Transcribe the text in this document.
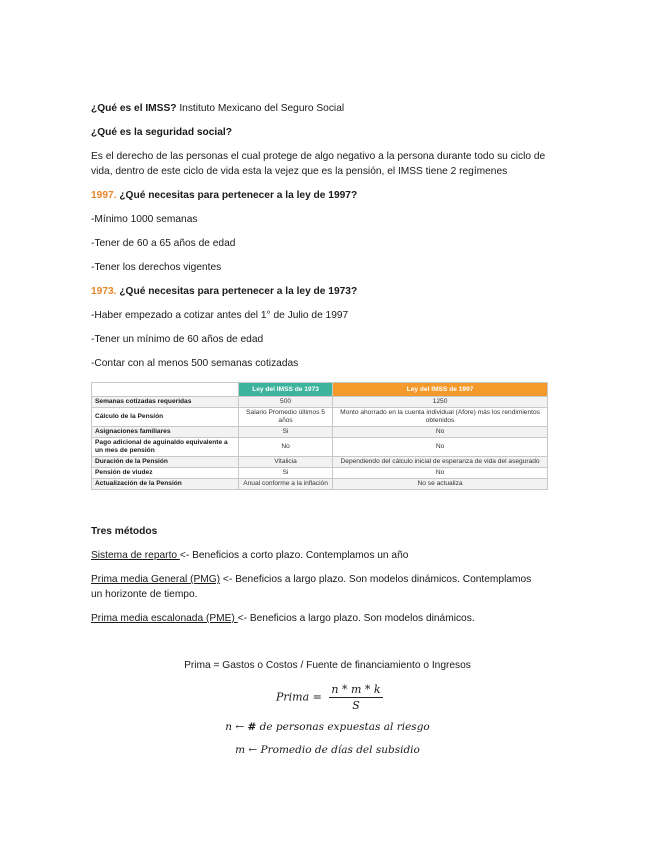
¿Qué es el IMSS? Instituto Mexicano del Seguro Social
¿Qué es la seguridad social?
Es el derecho de las personas el cual protege de algo negativo a la persona durante todo su ciclo de vida, dentro de este ciclo de vida esta la vejez que es la pensión, el IMSS tiene 2 regímenes
1997. ¿Qué necesitas para pertenecer a la ley de 1997?
-Mínimo 1000 semanas
-Tener de 60 a 65 años de edad
-Tener los derechos vigentes
1973. ¿Qué necesitas para pertenecer a la ley de 1973?
-Haber empezado a cotizar antes del 1° de Julio de 1997
-Tener un mínimo de 60 años de edad
-Contar con al menos 500 semanas cotizadas
	Ley del IMSS de 1973	Ley del IMSS de 1997
Semanas cotizadas requeridas	500	1250
Cálculo de la Pensión	Salario Promedio últimos 5 años	Monto ahorrado en la cuenta individual (Afore) más los rendimientos obtenidos
Asignaciones familiares	Si	No
Pago adicional de aguinaldo equivalente a un mes de pensión	No	No
Duración de la Pensión	Vitalicia	Dependiendo del cálculo inicial de esperanza de vida del asegurado
Pensión de viudez	Si	No
Actualización de la Pensión	Anual conforme a la inflación	No se actualiza
Tres métodos
Sistema de reparto <- Beneficios a corto plazo. Contemplamos un año
Prima media General (PMG) <- Beneficios a largo plazo. Son modelos dinámicos. Contemplamos
un horizonte de tiempo.
Prima media escalonada (PME) <- Beneficios a largo plazo. Son modelos dinámicos.
Prima = Gastos o Costos / Fuente de financiamiento o Ingresos
Prima = $\frac{n * m * k}{S}$
n ← # de personas expuestas al riesgo
m ← Promedio de días del subsidio
